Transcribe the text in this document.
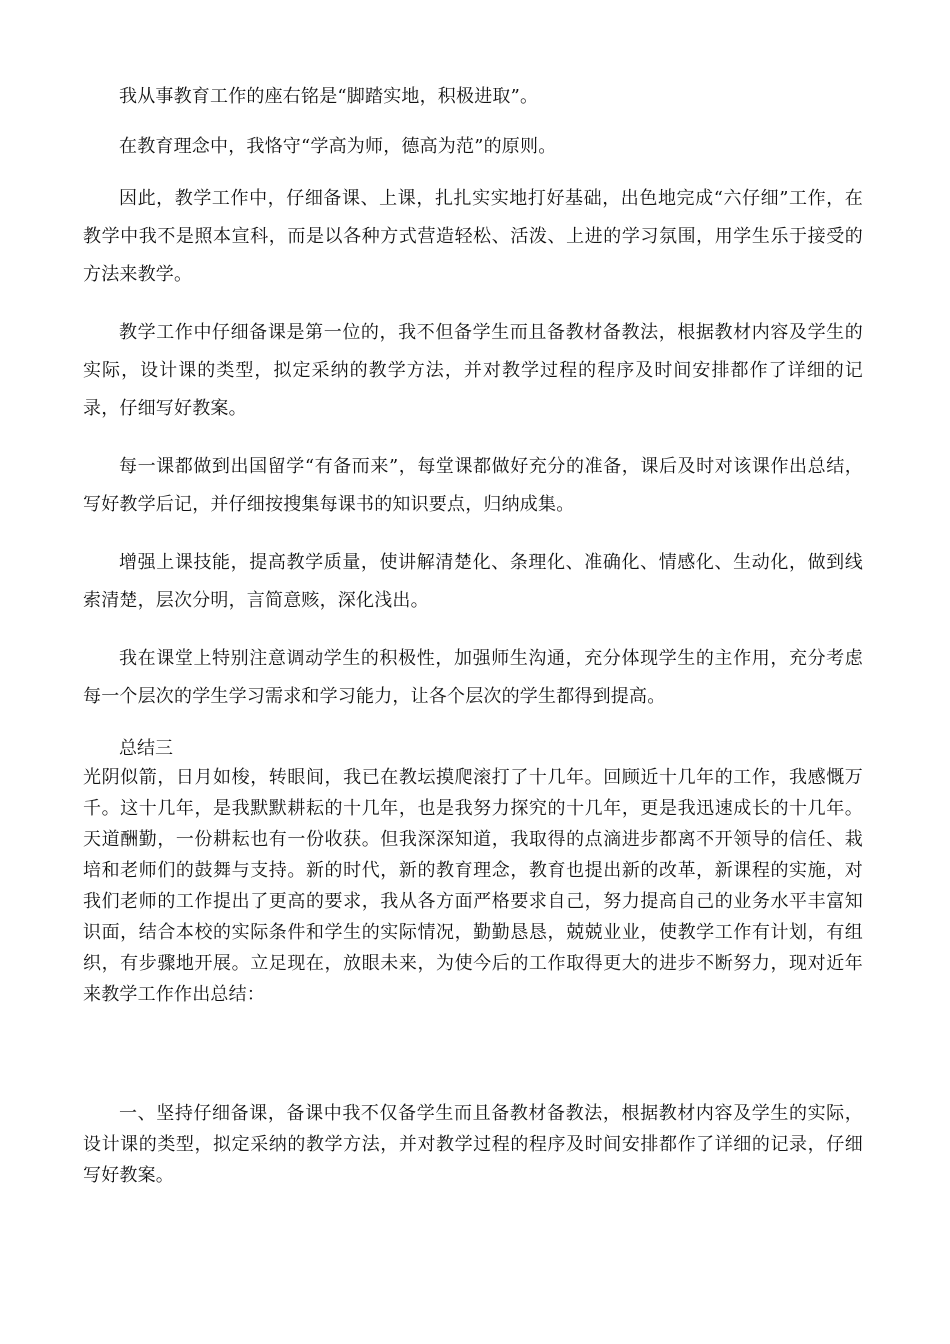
我从事教育工作的座右铭是“脚踏实地，积极进取”。

在教育理念中，我恪守“学高为师，德高为范”的原则。

因此，教学工作中，仔细备课、上课，扎扎实实地打好基础，出色地完成“六仔细”工作，在教学中我不是照本宣科，而是以各种方式营造轻松、活泼、上进的学习氛围，用学生乐于接受的方法来教学。

教学工作中仔细备课是第一位的，我不但备学生而且备教材备教法，根据教材内容及学生的实际，设计课的类型，拟定采纳的教学方法，并对教学过程的程序及时间安排都作了详细的记录，仔细写好教案。

每一课都做到出国留学“有备而来”，每堂课都做好充分的准备，课后及时对该课作出总结，写好教学后记，并仔细按搜集每课书的知识要点，归纳成集。

增强上课技能，提高教学质量，使讲解清楚化、条理化、准确化、情感化、生动化，做到线索清楚，层次分明，言简意赅，深化浅出。

我在课堂上特别注意调动学生的积极性，加强师生沟通，充分体现学生的主作用，充分考虑每一个层次的学生学习需求和学习能力，让各个层次的学生都得到提高。

总结三

光阴似箭，日月如梭，转眼间，我已在教坛摸爬滚打了十几年。回顾近十几年的工作，我感慨万千。这十几年，是我默默耕耘的十几年，也是我努力探究的十几年，更是我迅速成长的十几年。天道酬勤，一份耕耘也有一份收获。但我深深知道，我取得的点滴进步都离不开领导的信任、栽培和老师们的鼓舞与支持。新的时代，新的教育理念，教育也提出新的改革，新课程的实施，对我们老师的工作提出了更高的要求，我从各方面严格要求自己，努力提高自己的业务水平丰富知识面，结合本校的实际条件和学生的实际情况，勤勤恳恳，兢兢业业，使教学工作有计划，有组织，有步骤地开展。立足现在，放眼未来，为使今后的工作取得更大的进步不断努力，现对近年来教学工作作出总结：

一、坚持仔细备课，备课中我不仅备学生而且备教材备教法，根据教材内容及学生的实际，设计课的类型，拟定采纳的教学方法，并对教学过程的程序及时间安排都作了详细的记录，仔细写好教案。
